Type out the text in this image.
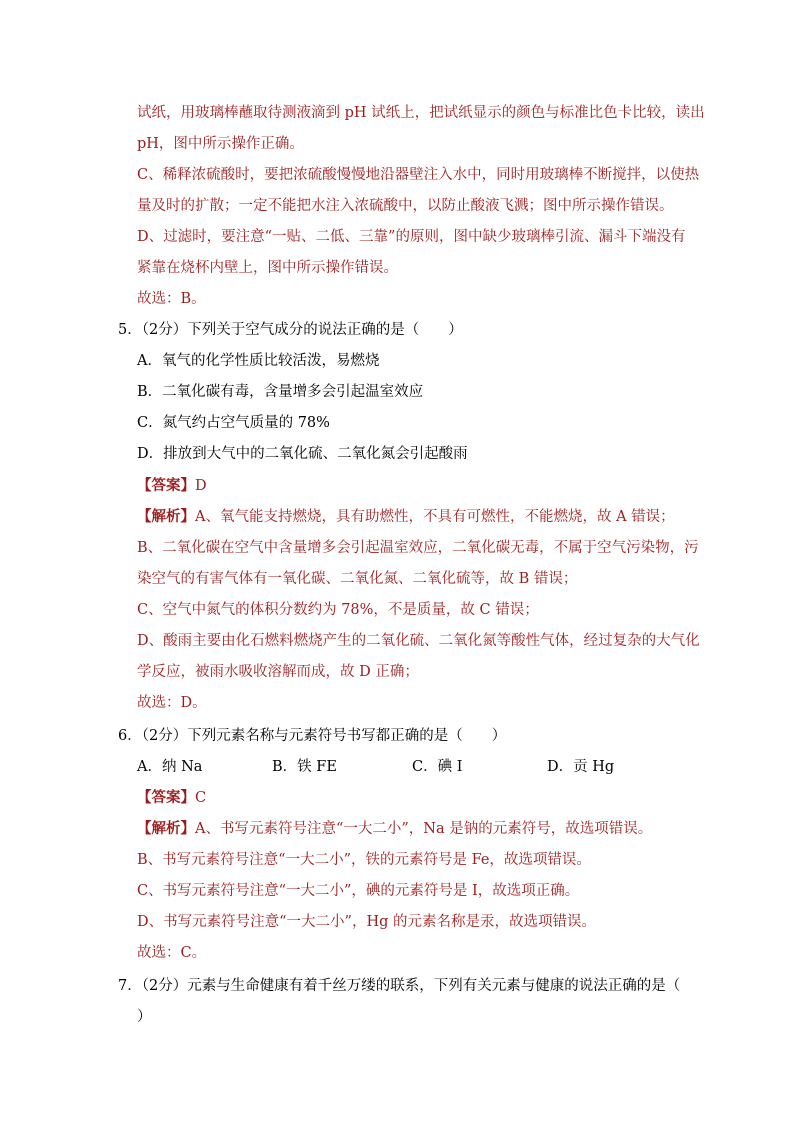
试纸，用玻璃棒蘸取待测液滴到 pH 试纸上，把试纸显示的颜色与标准比色卡比较，读出
pH，图中所示操作正确。
C、稀释浓硫酸时，要把浓硫酸慢慢地沿器壁注入水中，同时用玻璃棒不断搅拌，以使热
量及时的扩散；一定不能把水注入浓硫酸中，以防止酸液飞溅；图中所示操作错误。
D、过滤时，要注意“一贴、二低、三靠”的原则，图中缺少玻璃棒引流、漏斗下端没有
紧靠在烧杯内壁上，图中所示操作错误。
故选：B。
5．（2分）下列关于空气成分的说法正确的是（　　）
A．氧气的化学性质比较活泼，易燃烧
B．二氧化碳有毒，含量增多会引起温室效应
C．氮气约占空气质量的 78%
D．排放到大气中的二氧化硫、二氧化氮会引起酸雨
【答案】D
【解析】A、氧气能支持燃烧，具有助燃性，不具有可燃性，不能燃烧，故 A 错误；
B、二氧化碳在空气中含量增多会引起温室效应，二氧化碳无毒，不属于空气污染物，污
染空气的有害气体有一氧化碳、二氧化氮、二氧化硫等，故 B 错误；
C、空气中氮气的体积分数约为 78%，不是质量，故 C 错误；
D、酸雨主要由化石燃料燃烧产生的二氧化硫、二氧化氮等酸性气体，经过复杂的大气化
学反应，被雨水吸收溶解而成，故 D 正确；
故选：D。
6．（2分）下列元素名称与元素符号书写都正确的是（　　）
A．纳 Na	B．铁 FE	C．碘 I	D．贡 Hg
【答案】C
【解析】A、书写元素符号注意“一大二小”，Na 是钠的元素符号，故选项错误。
B、书写元素符号注意“一大二小”，铁的元素符号是 Fe，故选项错误。
C、书写元素符号注意“一大二小”，碘的元素符号是 I，故选项正确。
D、书写元素符号注意“一大二小”，Hg 的元素名称是汞，故选项错误。
故选：C。
7．（2分）元素与生命健康有着千丝万缕的联系，下列有关元素与健康的说法正确的是（
）
